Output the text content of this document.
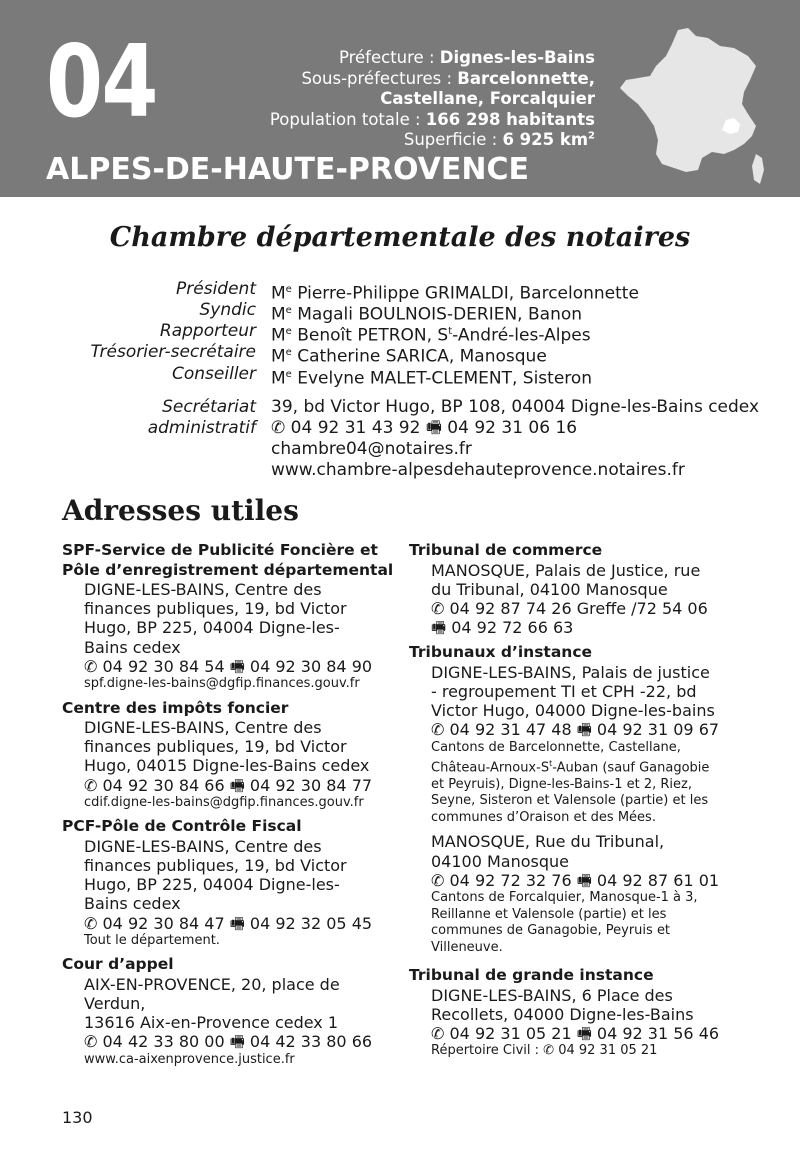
04
ALPES-DE-HAUTE-PROVENCE
Préfecture : Dignes-les-Bains
Sous-préfectures : Barcelonnette,
Castellane, Forcalquier
Population totale : 166 298 habitants
Superficie : 6 925 $km^2$
Chambre départementale des notaires
Président Me Pierre-Philippe GRIMALDI, Barcelonnette
Syndic Me Magali BOULNOIS-DERIEN, Banon
Rapporteur Me Benoît PETRON, $S^t-André-les$-Alpes
Trésorier-secrétaire Me Catherine SARICA, Manosque
Conseiller Me Evelyne MALET-CLEMENT, Sisteron
Secrétariat
administratif
39, bd Victor Hugo, BP 108, 04004 Digne-les-Bains cedex
✆ 04 92 31 43 92 🖷 04 92 31 06 16
chambre04@notaires.fr
www.chambre-alpesdehauteprovence.notaires.fr
Adresses utiles
SPF-Service de Publicité Foncière et
Pôle d’enregistrement départemental
DIGNE-LES-BAINS, Centre des
finances publiques, 19, bd Victor
Hugo, BP 225, 04004 Digne-les-
Bains cedex
✆ 04 92 30 84 54 🖷 04 92 30 84 90
spf.digne-les-bains@dgfip.finances.gouv.fr
Centre des impôts foncier
DIGNE-LES-BAINS, Centre des
finances publiques, 19, bd Victor
Hugo, 04015 Digne-les-Bains cedex
✆ 04 92 30 84 66 🖷 04 92 30 84 77
cdif.digne-les-bains@dgfip.finances.gouv.fr
PCF-Pôle de Contrôle Fiscal
DIGNE-LES-BAINS, Centre des
finances publiques, 19, bd Victor
Hugo, BP 225, 04004 Digne-les-
Bains cedex
✆ 04 92 30 84 47 🖷 04 92 32 05 45
Tout le département.
Cour d’appel
AIX-EN-PROVENCE, 20, place de
Verdun,
13616 Aix-en-Provence cedex 1
✆ 04 42 33 80 00 🖷 04 42 33 80 66
www.ca-aixenprovence.justice.fr
Tribunal de commerce
MANOSQUE, Palais de Justice, rue
du Tribunal, 04100 Manosque
✆ 04 92 87 74 26 Greffe /72 54 06
🖷 04 92 72 66 63
Tribunaux d’instance
DIGNE-LES-BAINS, Palais de justice
- regroupement TI et CPH -22, bd
Victor Hugo, 04000 Digne-les-bains
✆ 04 92 31 47 48 🖷 04 92 31 09 67
Cantons de Barcelonnette, Castellane,
Château-$Arnoux-S^t$-Auban (sauf Ganagobie
et Peyruis), Digne-les-Bains-1 et 2, Riez,
Seyne, Sisteron et Valensole (partie) et les
communes d’Oraison et des Mées.
MANOSQUE, Rue du Tribunal,
04100 Manosque
✆ 04 92 72 32 76 🖷 04 92 87 61 01
Cantons de Forcalquier, Manosque-1 à 3,
Reillanne et Valensole (partie) et les
communes de Ganagobie, Peyruis et
Villeneuve.
Tribunal de grande instance
DIGNE-LES-BAINS, 6 Place des
Recollets, 04000 Digne-les-Bains
✆ 04 92 31 05 21 🖷 04 92 31 56 46
Répertoire Civil : ✆ 04 92 31 05 21
130
